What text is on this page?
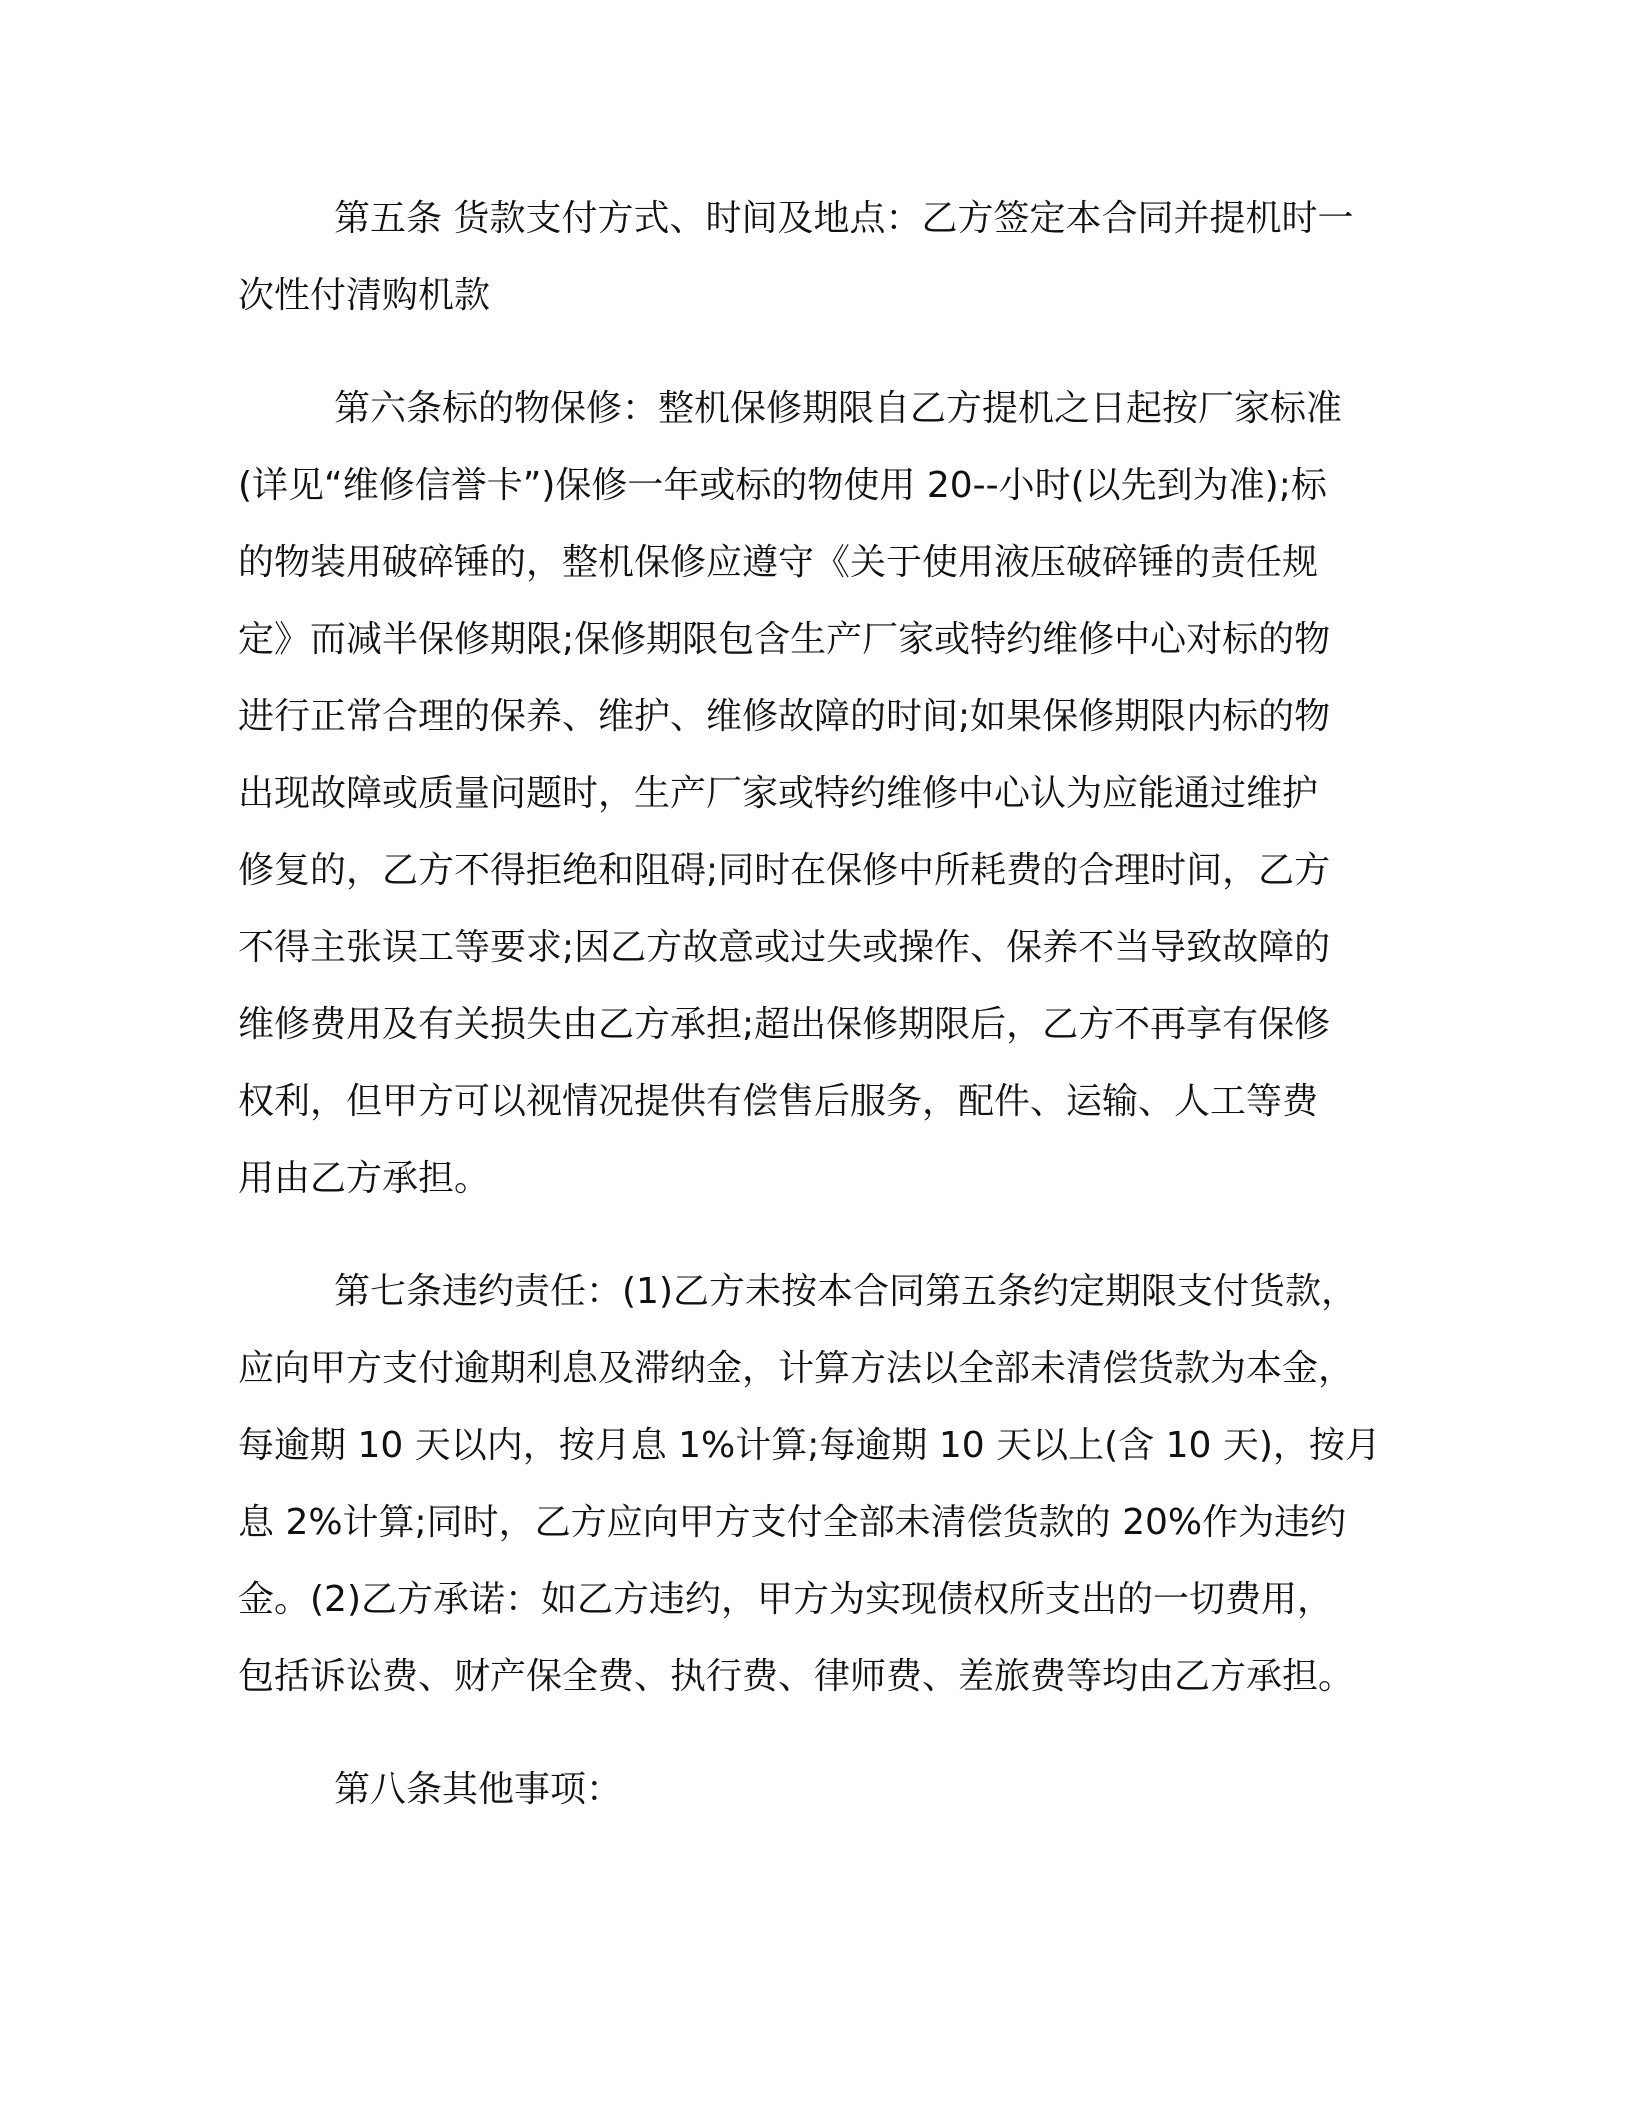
第五条 货款支付方式、时间及地点：乙方签定本合同并提机时一
次性付清购机款

第六条标的物保修：整机保修期限自乙方提机之日起按厂家标准
(详见“维修信誉卡”)保修一年或标的物使用 20--小时(以先到为准);标
的物装用破碎锤的，整机保修应遵守《关于使用液压破碎锤的责任规
定》而减半保修期限;保修期限包含生产厂家或特约维修中心对标的物
进行正常合理的保养、维护、维修故障的时间;如果保修期限内标的物
出现故障或质量问题时，生产厂家或特约维修中心认为应能通过维护
修复的，乙方不得拒绝和阻碍;同时在保修中所耗费的合理时间，乙方
不得主张误工等要求;因乙方故意或过失或操作、保养不当导致故障的
维修费用及有关损失由乙方承担;超出保修期限后，乙方不再享有保修
权利，但甲方可以视情况提供有偿售后服务，配件、运输、人工等费
用由乙方承担。

第七条违约责任：(1)乙方未按本合同第五条约定期限支付货款，
应向甲方支付逾期利息及滞纳金，计算方法以全部未清偿货款为本金，
每逾期 10 天以内，按月息 1%计算;每逾期 10 天以上(含 10 天)，按月
息 2%计算;同时，乙方应向甲方支付全部未清偿货款的 20%作为违约
金。(2)乙方承诺：如乙方违约，甲方为实现债权所支出的一切费用，
包括诉讼费、财产保全费、执行费、律师费、差旅费等均由乙方承担。

第八条其他事项：
